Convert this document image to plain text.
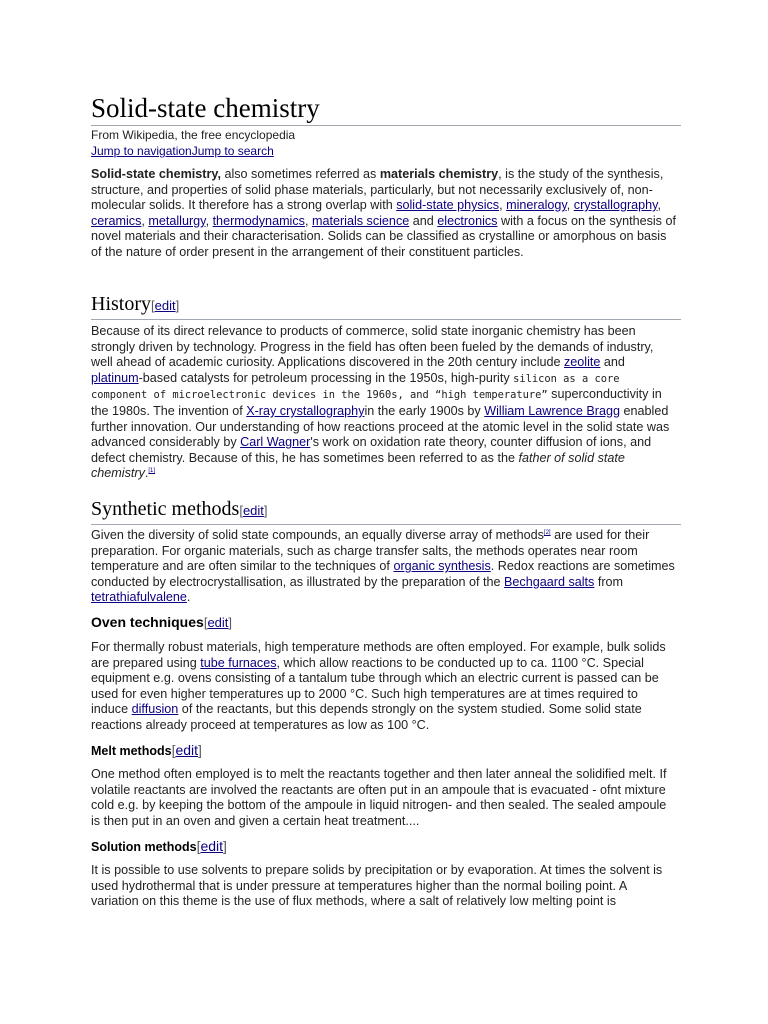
Solid-state chemistry
From Wikipedia, the free encyclopedia
Jump to navigationJump to search

Solid-state chemistry, also sometimes referred as materials chemistry, is the study of the synthesis, structure, and properties of solid phase materials, particularly, but not necessarily exclusively of, non-molecular solids. It therefore has a strong overlap with solid-state physics, mineralogy, crystallography, ceramics, metallurgy, thermodynamics, materials science and electronics with a focus on the synthesis of novel materials and their characterisation. Solids can be classified as crystalline or amorphous on basis of the nature of order present in the arrangement of their constituent particles.

History[edit]

Because of its direct relevance to products of commerce, solid state inorganic chemistry has been strongly driven by technology. Progress in the field has often been fueled by the demands of industry, well ahead of academic curiosity. Applications discovered in the 20th century include zeolite and platinum-based catalysts for petroleum processing in the 1950s, high-purity silicon as a core component of microelectronic devices in the 1960s, and “high temperature” superconductivity in the 1980s. The invention of X-ray crystallographyin the early 1900s by William Lawrence Bragg enabled further innovation. Our understanding of how reactions proceed at the atomic level in the solid state was advanced considerably by Carl Wagner's work on oxidation rate theory, counter diffusion of ions, and defect chemistry. Because of this, he has sometimes been referred to as the father of solid state chemistry.[1]

Synthetic methods[edit]

Given the diversity of solid state compounds, an equally diverse array of methods[2] are used for their preparation. For organic materials, such as charge transfer salts, the methods operates near room temperature and are often similar to the techniques of organic synthesis. Redox reactions are sometimes conducted by electrocrystallisation, as illustrated by the preparation of the Bechgaard salts from tetrathiafulvalene.

Oven techniques[edit]

For thermally robust materials, high temperature methods are often employed. For example, bulk solids are prepared using tube furnaces, which allow reactions to be conducted up to ca. 1100 °C. Special equipment e.g. ovens consisting of a tantalum tube through which an electric current is passed can be used for even higher temperatures up to 2000 °C. Such high temperatures are at times required to induce diffusion of the reactants, but this depends strongly on the system studied. Some solid state reactions already proceed at temperatures as low as 100 °C.

Melt methods[edit]

One method often employed is to melt the reactants together and then later anneal the solidified melt. If volatile reactants are involved the reactants are often put in an ampoule that is evacuated - ofnt mixture cold e.g. by keeping the bottom of the ampoule in liquid nitrogen- and then sealed. The sealed ampoule is then put in an oven and given a certain heat treatment....

Solution methods[edit]

It is possible to use solvents to prepare solids by precipitation or by evaporation. At times the solvent is used hydrothermal that is under pressure at temperatures higher than the normal boiling point. A variation on this theme is the use of flux methods, where a salt of relatively low melting point is
